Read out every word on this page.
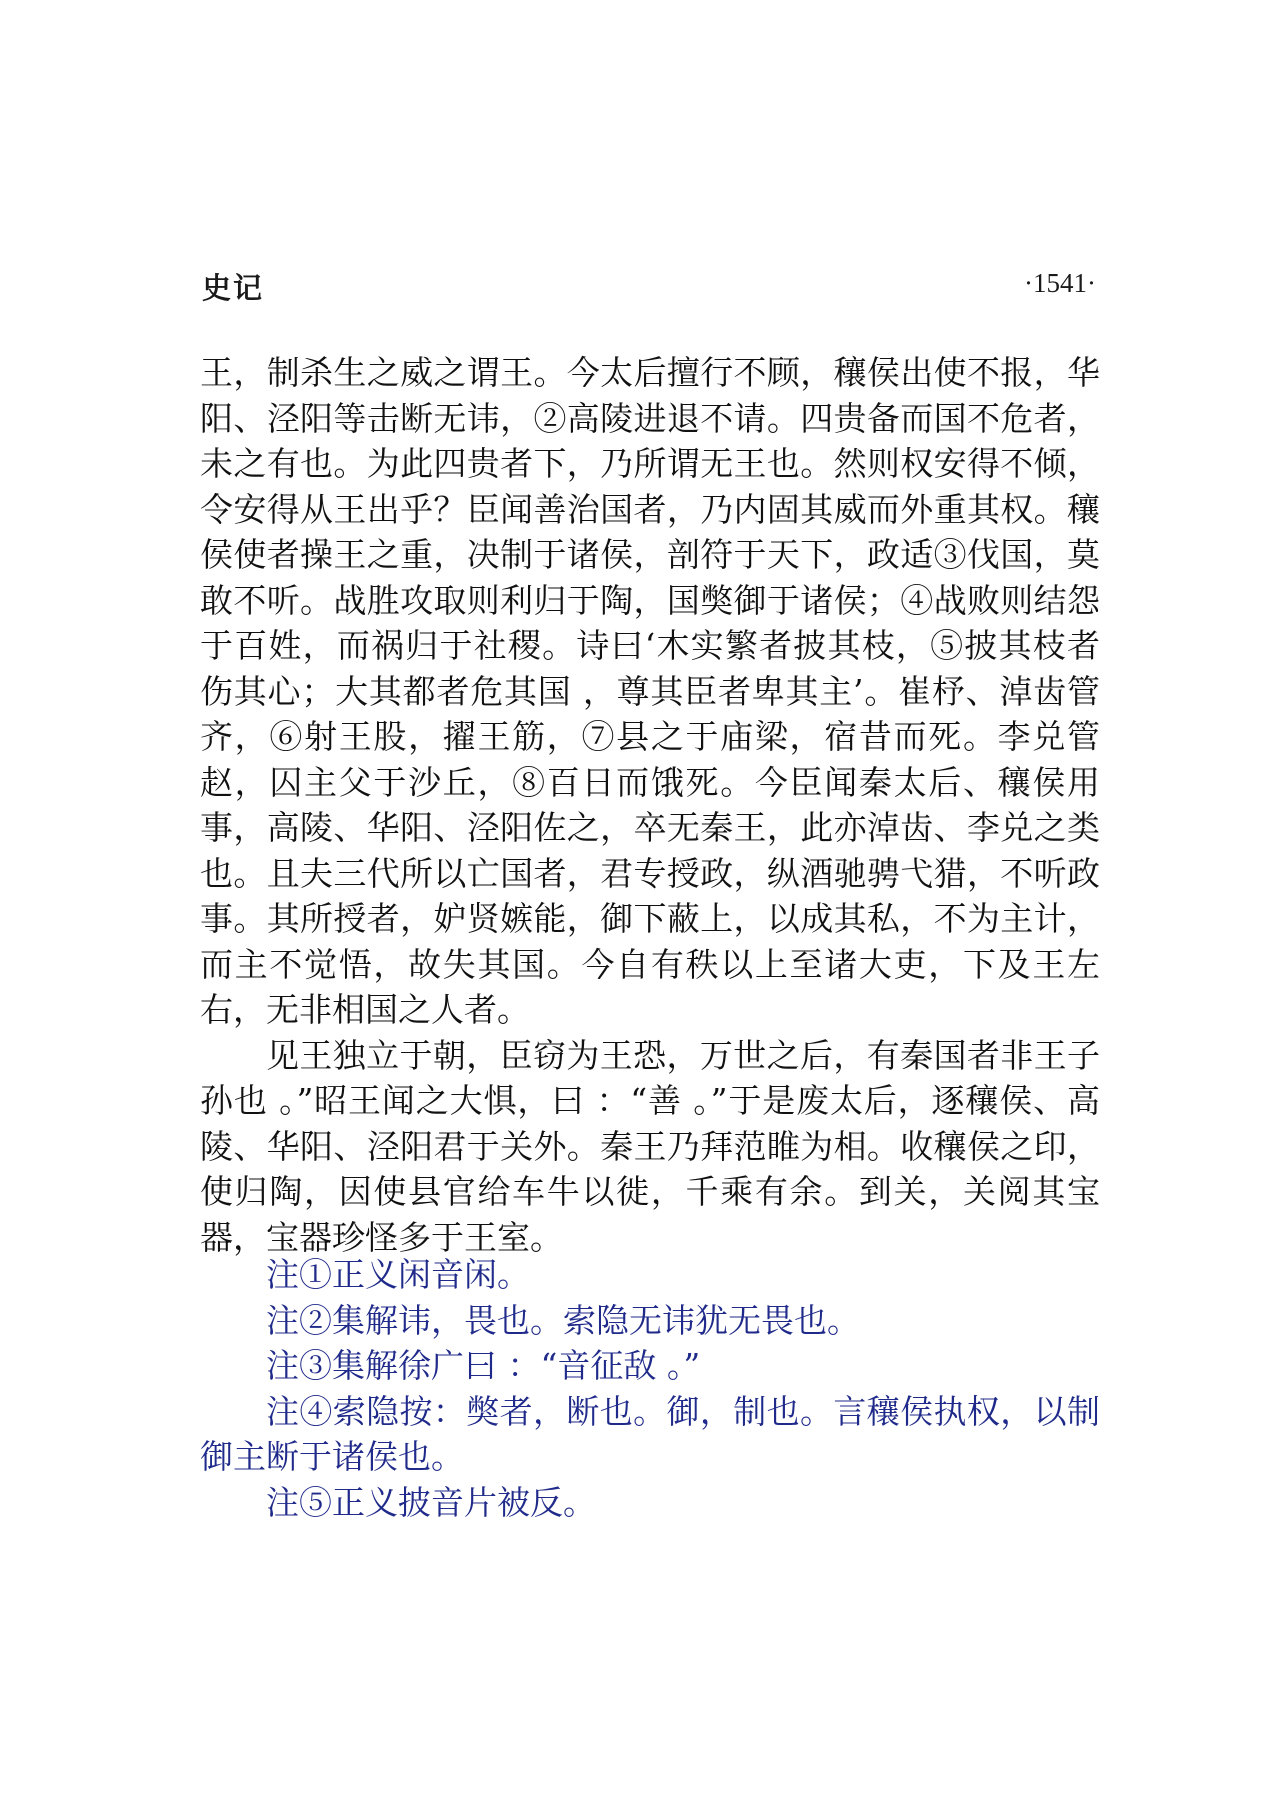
史记	·1541·

王，制杀生之威之谓王。今太后擅行不顾，穰侯出使不报，华阳、泾阳等击断无讳，②高陵进退不请。四贵备而国不危者，未之有也。为此四贵者下，乃所谓无王也。然则权安得不倾，令安得从王出乎？臣闻善治国者，乃内固其威而外重其权。穰侯使者操王之重，决制于诸侯，剖符于天下，政适③伐国，莫敢不听。战胜攻取则利归于陶，国獘御于诸侯；④战败则结怨于百姓，而祸归于社稷。诗曰‘木实繁者披其枝，⑤披其枝者伤其心；大其都者危其国 ，尊其臣者卑其主’。崔杼、淖齿管齐，⑥射王股，擢王筋，⑦县之于庙梁，宿昔而死。李兑管赵，囚主父于沙丘，⑧百日而饿死。今臣闻秦太后、穰侯用事，高陵、华阳、泾阳佐之，卒无秦王，此亦淖齿、李兑之类也。且夫三代所以亡国者，君专授政，纵酒驰骋弋猎，不听政事。其所授者，妒贤嫉能，御下蔽上，以成其私，不为主计，而主不觉悟，故失其国。今自有秩以上至诸大吏，下及王左右，无非相国之人者。

见王独立于朝，臣窃为王恐，万世之后，有秦国者非王子孙也 。”昭王闻之大惧，曰 ：“善 。”于是废太后，逐穰侯、高陵、华阳、泾阳君于关外。秦王乃拜范睢为相。收穰侯之印，使归陶，因使县官给车牛以徙，千乘有余。到关，关阅其宝器，宝器珍怪多于王室。

注①正义闲音闲。

注②集解讳，畏也。索隐无讳犹无畏也。

注③集解徐广曰 ：“音征敌 。”

注④索隐按：獘者，断也。御，制也。言穰侯执权，以制御主断于诸侯也。

注⑤正义披音片被反。
